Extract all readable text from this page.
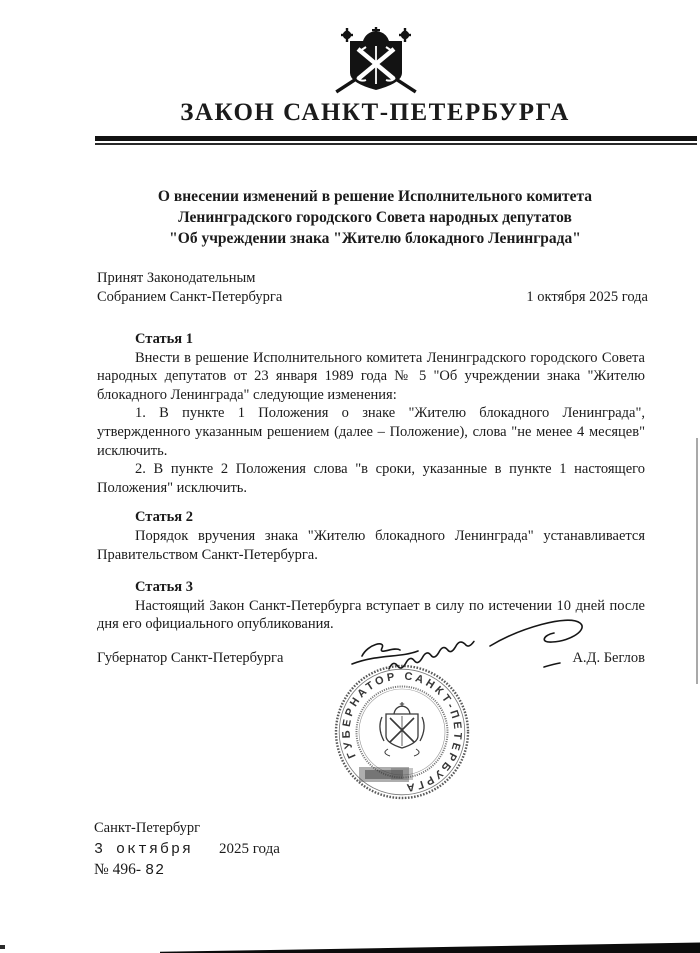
ЗАКОН САНКТ-ПЕТЕРБУРГА
О внесении изменений в решение Исполнительного комитета
Ленинградского городского Совета народных депутатов
"Об учреждении знака "Жителю блокадного Ленинграда"
Принят Законодательным
Собранием Санкт-Петербурга	1 октября 2025 года
Статья 1

Внести в решение Исполнительного комитета Ленинградского городского Совета народных депутатов от 23 января 1989 года № 5 "Об учреждении знака "Жителю блокадного Ленинграда" следующие изменения:

1. В пункте 1 Положения о знаке "Жителю блокадного Ленинграда", утвержденного указанным решением (далее – Положение), слова "не менее 4 месяцев" исключить.

2. В пункте 2 Положения слова "в сроки, указанные в пункте 1 настоящего Положения" исключить.

Статья 2

Порядок вручения знака "Жителю блокадного Ленинграда" устанавливается Правительством Санкт-Петербурга.

Статья 3

Настоящий Закон Санкт-Петербурга вступает в силу по истечении 10 дней после дня его официального опубликования.

Губернатор Санкт-Петербурга	А.Д. Беглов
ГУБЕРНАТОР САНКТ-ПЕТЕРБУРГА
Санкт-Петербург
3 октября 2025 года
№ 496- 82
